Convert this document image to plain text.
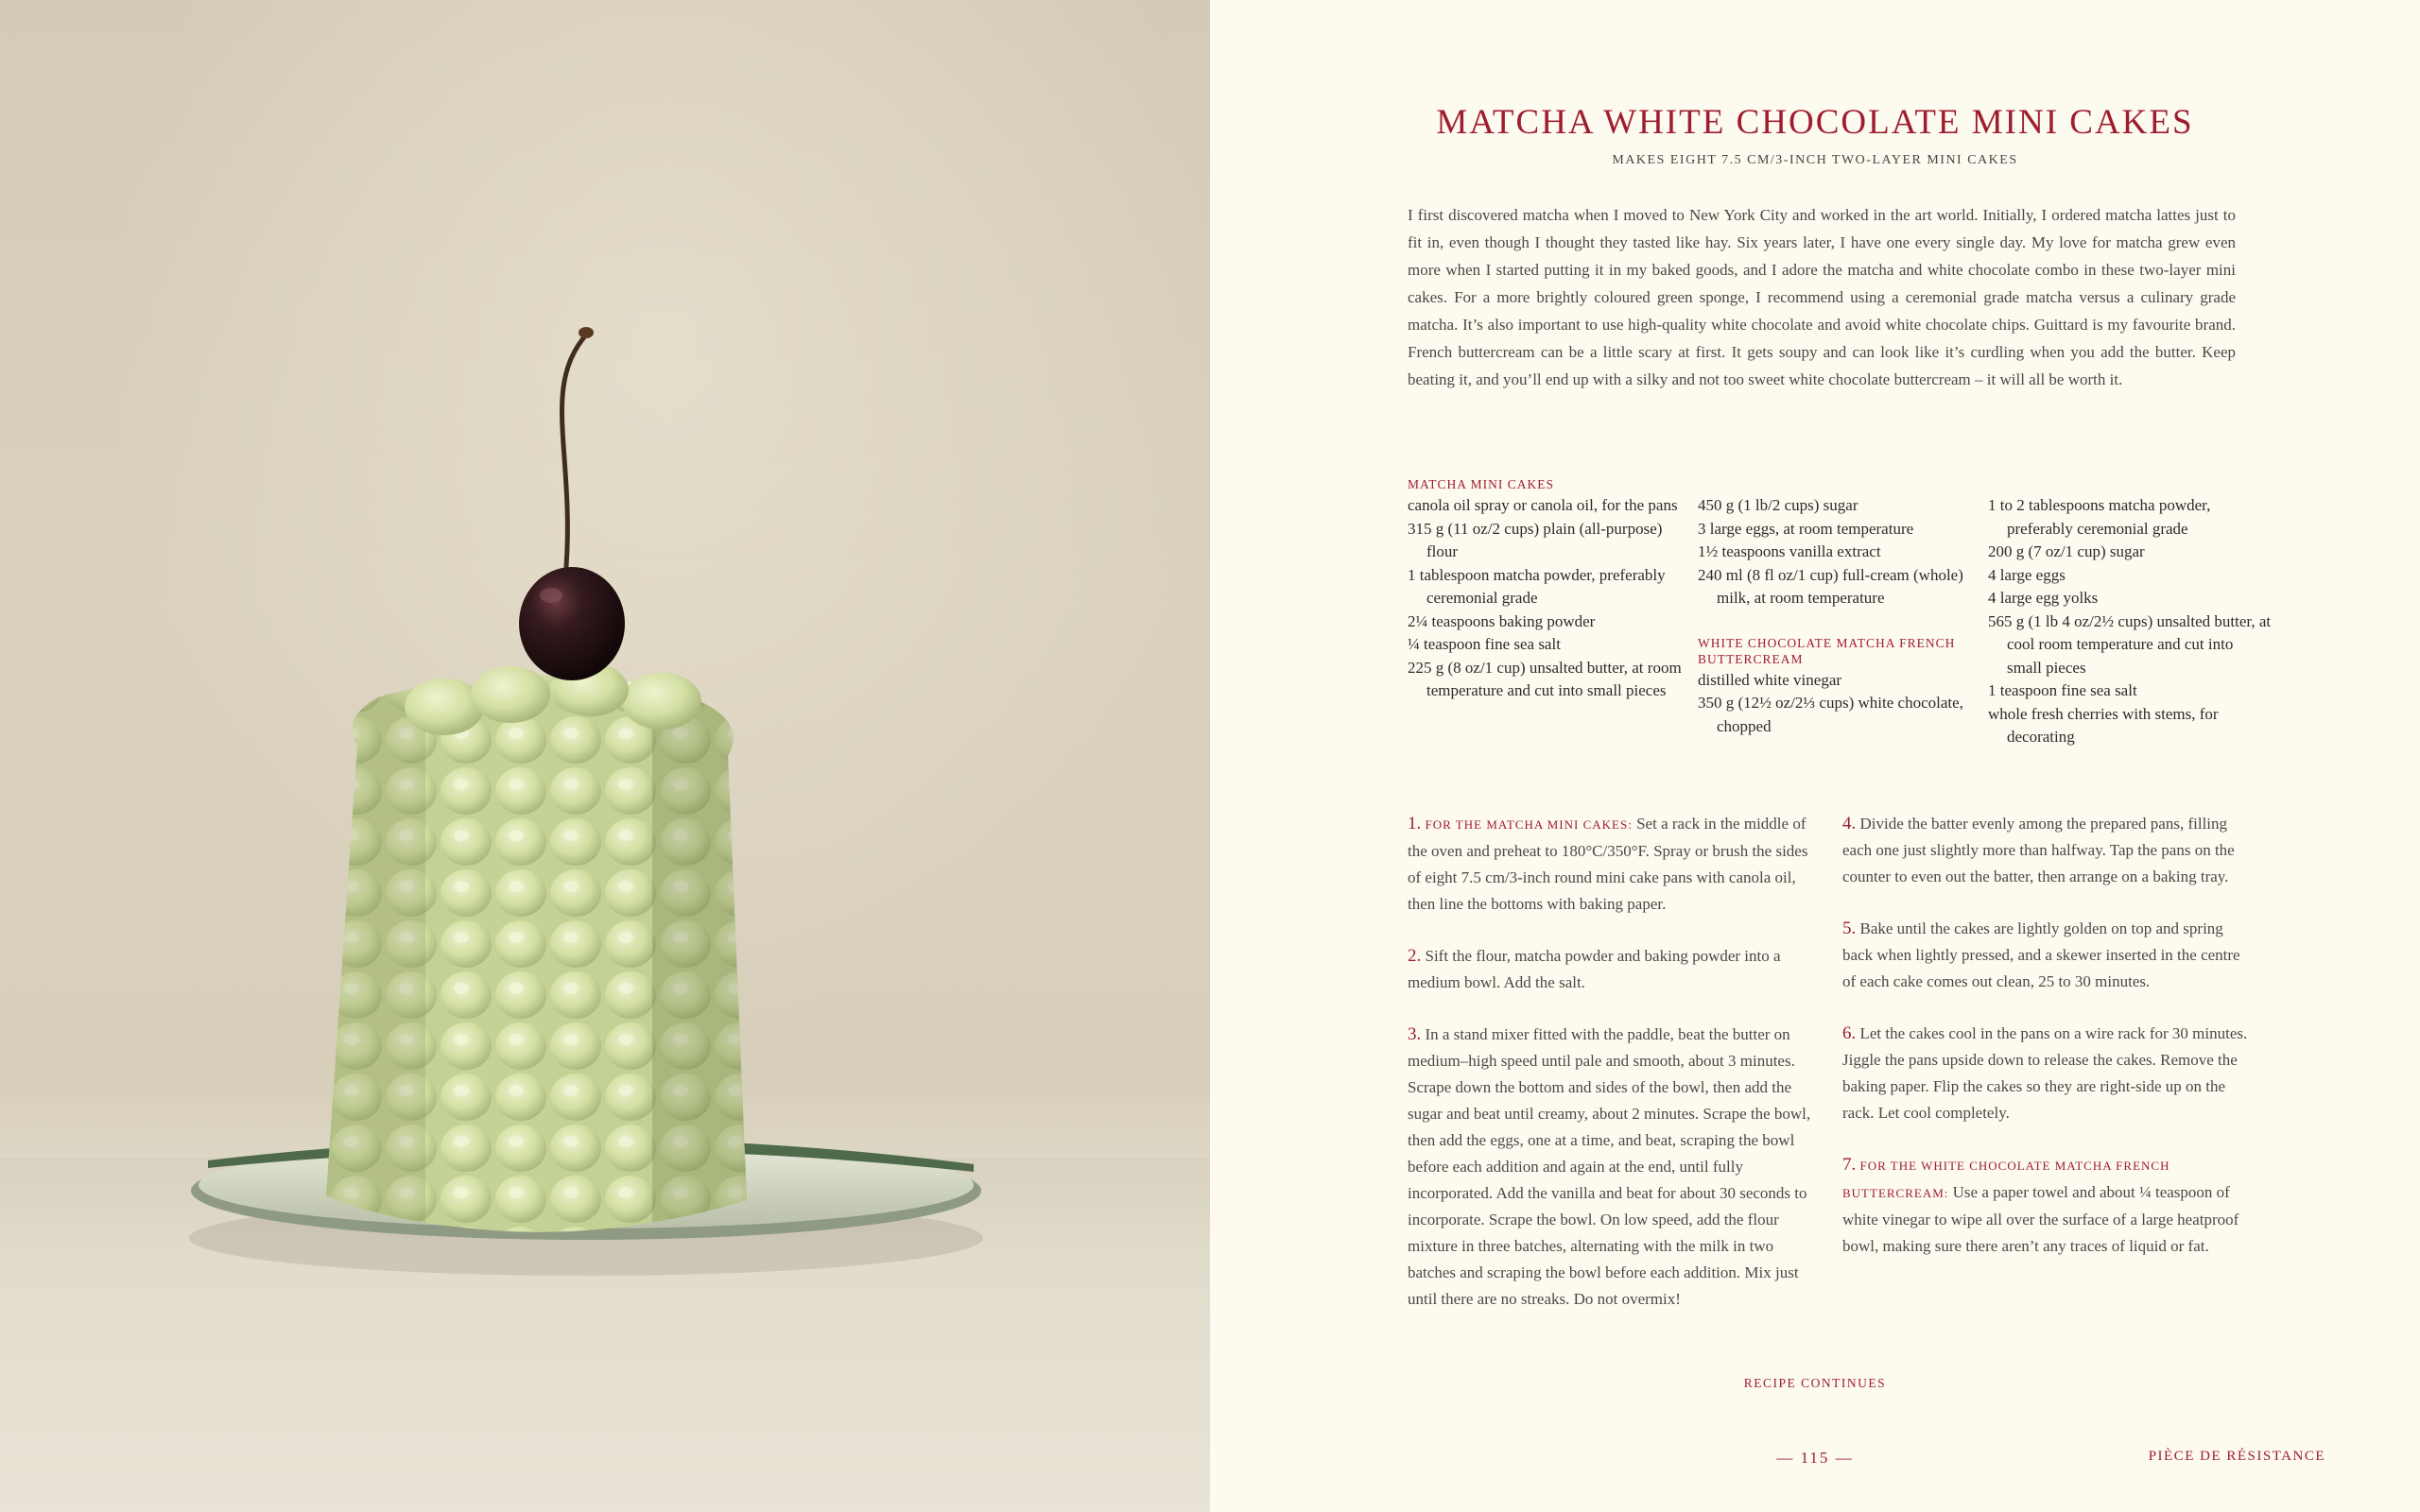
MATCHA WHITE CHOCOLATE MINI CAKES
MAKES EIGHT 7.5 CM/3-INCH TWO-LAYER MINI CAKES

I first discovered matcha when I moved to New York City and worked in the art world. Initially, I ordered matcha lattes just to fit in, even though I thought they tasted like hay. Six years later, I have one every single day. My love for matcha grew even more when I started putting it in my baked goods, and I adore the matcha and white chocolate combo in these two-layer mini cakes. For a more brightly coloured green sponge, I recommend using a ceremonial grade matcha versus a culinary grade matcha. It’s also important to use high-quality white chocolate and avoid white chocolate chips. Guittard is my favourite brand. French buttercream can be a little scary at first. It gets soupy and can look like it’s curdling when you add the butter. Keep beating it, and you’ll end up with a silky and not too sweet white chocolate buttercream – it will all be worth it.

MATCHA MINI CAKES
canola oil spray or canola oil, for the pans
315 g (11 oz/2 cups) plain (all-purpose) flour
1 tablespoon matcha powder, preferably ceremonial grade
2¼ teaspoons baking powder
¼ teaspoon fine sea salt
225 g (8 oz/1 cup) unsalted butter, at room temperature and cut into small pieces
450 g (1 lb/2 cups) sugar
3 large eggs, at room temperature
1½ teaspoons vanilla extract
240 ml (8 fl oz/1 cup) full-cream (whole) milk, at room temperature
WHITE CHOCOLATE MATCHA FRENCH BUTTERCREAM
distilled white vinegar
350 g (12½ oz/2⅓ cups) white chocolate, chopped
1 to 2 tablespoons matcha powder, preferably ceremonial grade
200 g (7 oz/1 cup) sugar
4 large eggs
4 large egg yolks
565 g (1 lb 4 oz/2½ cups) unsalted butter, at cool room temperature and cut into small pieces
1 teaspoon fine sea salt
whole fresh cherries with stems, for decorating

1. FOR THE MATCHA MINI CAKES: Set a rack in the middle of the oven and preheat to 180°C/350°F. Spray or brush the sides of eight 7.5 cm/3-inch round mini cake pans with canola oil, then line the bottoms with baking paper.

2. Sift the flour, matcha powder and baking powder into a medium bowl. Add the salt.

3. In a stand mixer fitted with the paddle, beat the butter on medium–high speed until pale and smooth, about 3 minutes. Scrape down the bottom and sides of the bowl, then add the sugar and beat until creamy, about 2 minutes. Scrape the bowl, then add the eggs, one at a time, and beat, scraping the bowl before each addition and again at the end, until fully incorporated. Add the vanilla and beat for about 30 seconds to incorporate. Scrape the bowl. On low speed, add the flour mixture in three batches, alternating with the milk in two batches and scraping the bowl before each addition. Mix just until there are no streaks. Do not overmix!

4. Divide the batter evenly among the prepared pans, filling each one just slightly more than halfway. Tap the pans on the counter to even out the batter, then arrange on a baking tray.

5. Bake until the cakes are lightly golden on top and spring back when lightly pressed, and a skewer inserted in the centre of each cake comes out clean, 25 to 30 minutes.

6. Let the cakes cool in the pans on a wire rack for 30 minutes. Jiggle the pans upside down to release the cakes. Remove the baking paper. Flip the cakes so they are right-side up on the rack. Let cool completely.

7. FOR THE WHITE CHOCOLATE MATCHA FRENCH BUTTERCREAM: Use a paper towel and about ¼ teaspoon of white vinegar to wipe all over the surface of a large heatproof bowl, making sure there aren’t any traces of liquid or fat.

RECIPE CONTINUES
— 115 —	PIÈCE DE RÉSISTANCE
